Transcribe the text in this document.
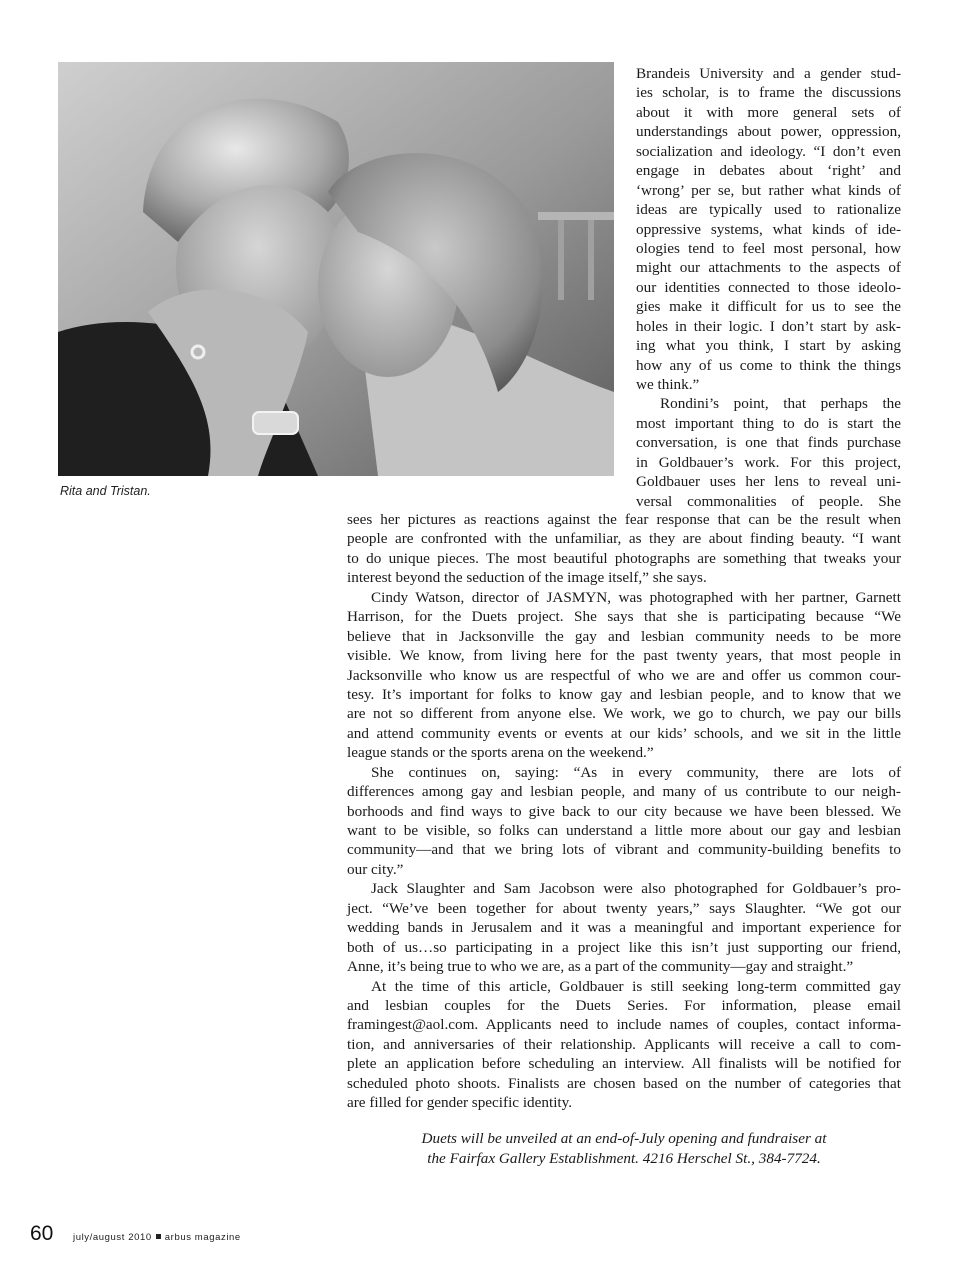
Rita and Tristan.
Brandeis University and a gender stud-
ies scholar, is to frame the discussions
about it with more general sets of
understandings about power, oppression,
socialization and ideology. “I don’t even
engage in debates about ‘right’ and
‘wrong’ per se, but rather what kinds of
ideas are typically used to rationalize
oppressive systems, what kinds of ide-
ologies tend to feel most personal, how
might our attachments to the aspects of
our identities connected to those ideolo-
gies make it difficult for us to see the
holes in their logic. I don’t start by ask-
ing what you think, I start by asking
how any of us come to think the things
we think.”
Rondini’s point, that perhaps the
most important thing to do is start the
conversation, is one that finds purchase
in Goldbauer’s work. For this project,
Goldbauer uses her lens to reveal uni-
versal commonalities of people. She
sees her pictures as reactions against the fear response that can be the result when
people are confronted with the unfamiliar, as they are about finding beauty. “I want
to do unique pieces. The most beautiful photographs are something that tweaks your
interest beyond the seduction of the image itself,” she says.
Cindy Watson, director of JASMYN, was photographed with her partner, Garnett
Harrison, for the Duets project. She says that she is participating because “We
believe that in Jacksonville the gay and lesbian community needs to be more
visible. We know, from living here for the past twenty years, that most people in
Jacksonville who know us are respectful of who we are and offer us common cour-
tesy. It’s important for folks to know gay and lesbian people, and to know that we
are not so different from anyone else. We work, we go to church, we pay our bills
and attend community events or events at our kids’ schools, and we sit in the little
league stands or the sports arena on the weekend.”
She continues on, saying: “As in every community, there are lots of
differences among gay and lesbian people, and many of us contribute to our neigh-
borhoods and find ways to give back to our city because we have been blessed. We
want to be visible, so folks can understand a little more about our gay and lesbian
community—and that we bring lots of vibrant and community-building benefits to
our city.”
Jack Slaughter and Sam Jacobson were also photographed for Goldbauer’s pro-
ject. “We’ve been together for about twenty years,” says Slaughter. “We got our
wedding bands in Jerusalem and it was a meaningful and important experience for
both of us…so participating in a project like this isn’t just supporting our friend,
Anne, it’s being true to who we are, as a part of the community—gay and straight.”
At the time of this article, Goldbauer is still seeking long-term committed gay
and lesbian couples for the Duets Series. For information, please email
framingest@aol.com. Applicants need to include names of couples, contact informa-
tion, and anniversaries of their relationship. Applicants will receive a call to com-
plete an application before scheduling an interview. All finalists will be notified for
scheduled photo shoots. Finalists are chosen based on the number of categories that
are filled for gender specific identity.
Duets will be unveiled at an end-of-July opening and fundraiser at
the Fairfax Gallery Establishment. 4216 Herschel St., 384-7724.
60 july/august 2010 arbus magazine
